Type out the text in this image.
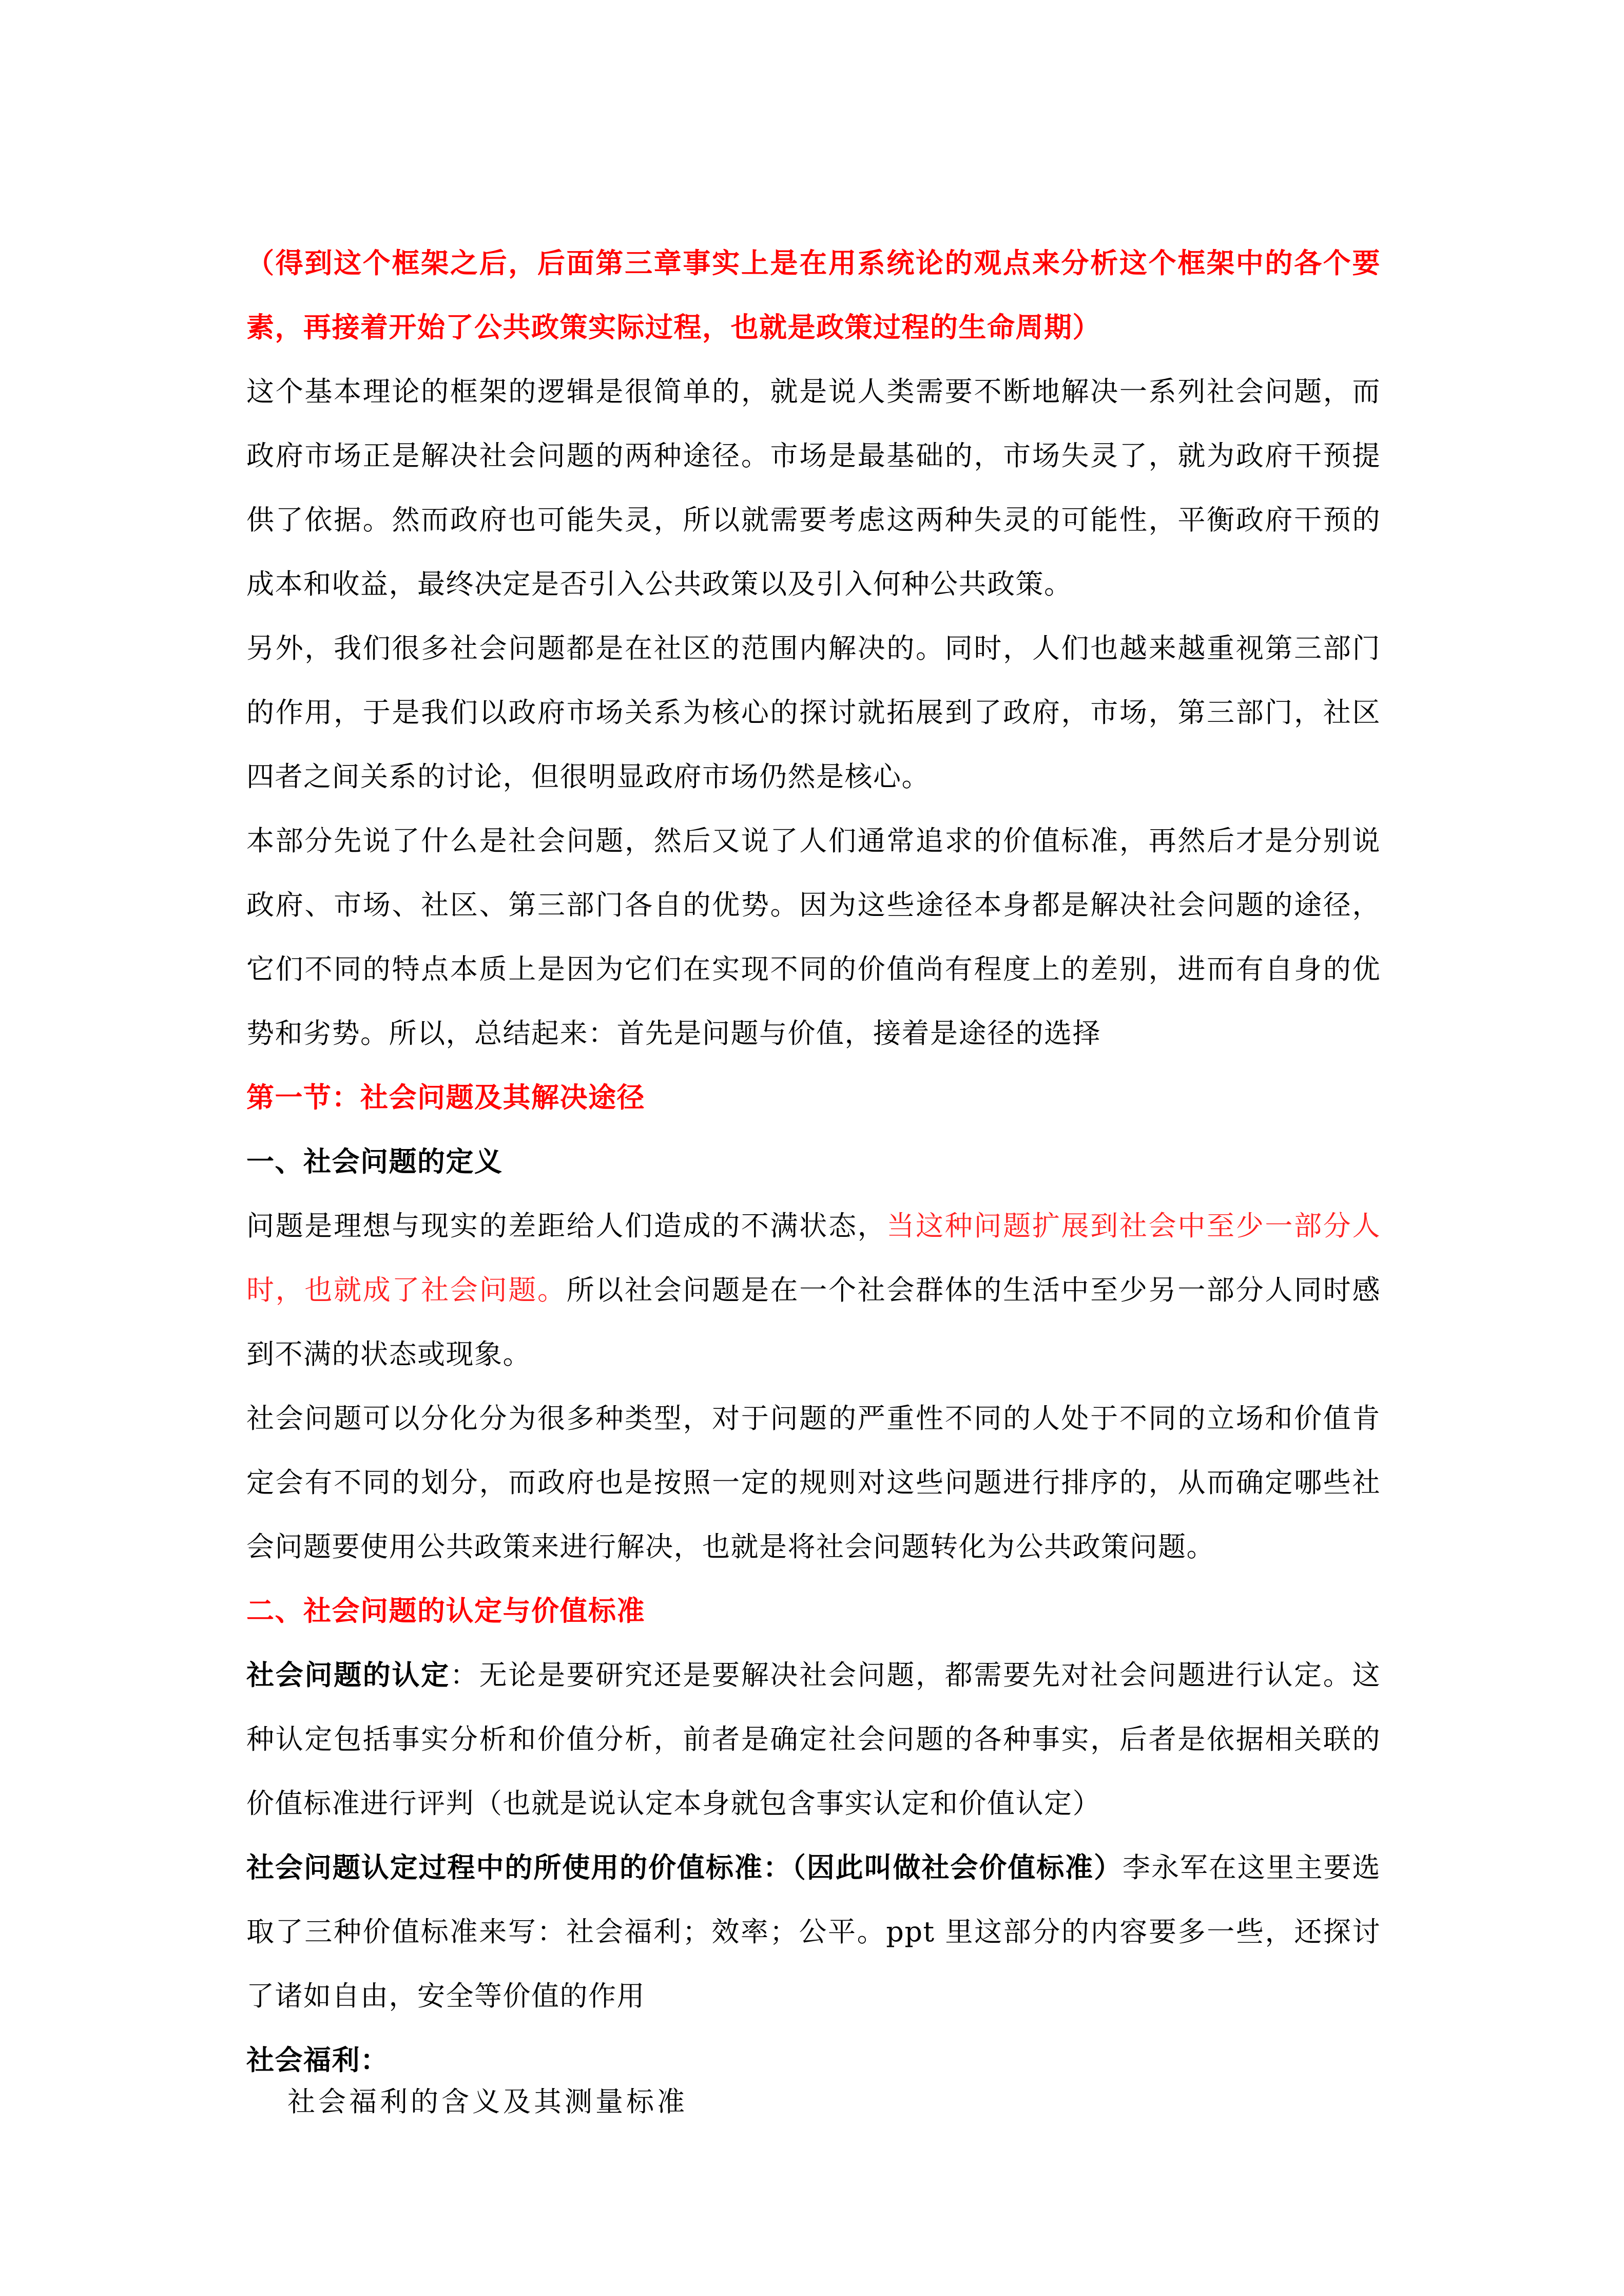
（得到这个框架之后，后面第三章事实上是在用系统论的观点来分析这个框架中的各个要素，再接着开始了公共政策实际过程，也就是政策过程的生命周期）

这个基本理论的框架的逻辑是很简单的，就是说人类需要不断地解决一系列社会问题，而政府市场正是解决社会问题的两种途径。市场是最基础的，市场失灵了，就为政府干预提供了依据。然而政府也可能失灵，所以就需要考虑这两种失灵的可能性，平衡政府干预的成本和收益，最终决定是否引入公共政策以及引入何种公共政策。

另外，我们很多社会问题都是在社区的范围内解决的。同时，人们也越来越重视第三部门的作用，于是我们以政府市场关系为核心的探讨就拓展到了政府，市场，第三部门，社区四者之间关系的讨论，但很明显政府市场仍然是核心。

本部分先说了什么是社会问题，然后又说了人们通常追求的价值标准，再然后才是分别说政府、市场、社区、第三部门各自的优势。因为这些途径本身都是解决社会问题的途径，它们不同的特点本质上是因为它们在实现不同的价值尚有程度上的差别，进而有自身的优势和劣势。所以，总结起来：首先是问题与价值，接着是途径的选择

第一节：社会问题及其解决途径

一、社会问题的定义

问题是理想与现实的差距给人们造成的不满状态，当这种问题扩展到社会中至少一部分人时，也就成了社会问题。所以社会问题是在一个社会群体的生活中至少另一部分人同时感到不满的状态或现象。

社会问题可以分化分为很多种类型，对于问题的严重性不同的人处于不同的立场和价值肯定会有不同的划分，而政府也是按照一定的规则对这些问题进行排序的，从而确定哪些社会问题要使用公共政策来进行解决，也就是将社会问题转化为公共政策问题。

二、社会问题的认定与价值标准

社会问题的认定：无论是要研究还是要解决社会问题，都需要先对社会问题进行认定。这种认定包括事实分析和价值分析，前者是确定社会问题的各种事实，后者是依据相关联的价值标准进行评判（也就是说认定本身就包含事实认定和价值认定）

社会问题认定过程中的所使用的价值标准：（因此叫做社会价值标准）李永军在这里主要选取了三种价值标准来写：社会福利；效率；公平。ppt 里这部分的内容要多一些，还探讨了诸如自由，安全等价值的作用

社会福利：

社会福利的含义及其测量标准
